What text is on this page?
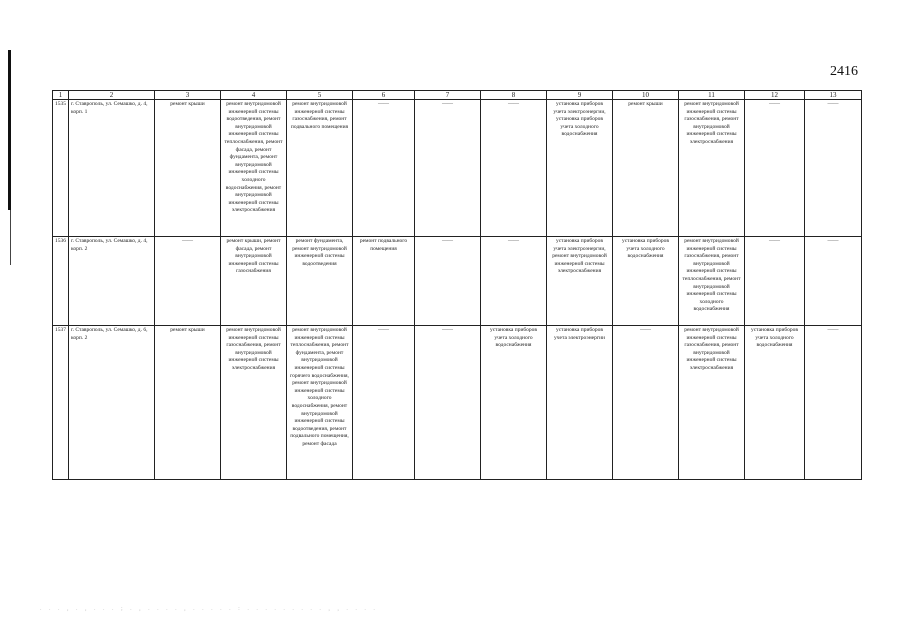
2416
1	2	3	4	5	6	7	8	9	10	11	12	13
1535	г. Ставрополь, ул. Семашко, д. 4, корп. 1	ремонт крыши	ремонт внутридомовой инженерной системы водоотведения, ремонт внутридомовой инженерной системы теплоснабжения, ремонт фасада, ремонт фундамента, ремонт внутридомовой инженерной системы холодного водоснабжения, ремонт внутридомовой инженерной системы электроснабжения	ремонт внутридомовой инженерной системы газоснабжения, ремонт подвального помещения	——	——	——	установка приборов учета электроэнергии, установка приборов учета холодного водоснабжения	ремонт крыши	ремонт внутридомовой инженерной системы газоснабжения, ремонт внутридомовой инженерной системы электроснабжения	——	——
1536	г. Ставрополь, ул. Семашко, д. 4, корп. 2	——	ремонт крыши, ремонт фасада, ремонт внутридомовой инженерной системы газоснабжения	ремонт фундамента, ремонт внутридомовой инженерной системы водоотведения	ремонт подвального помещения	——	——	установка приборов учета электроэнергии, ремонт внутридомовой инженерной системы электроснабжения	установка приборов учета холодного водоснабжения	ремонт внутридомовой инженерной системы газоснабжения, ремонт внутридомовой инженерной системы теплоснабжения, ремонт внутридомовой инженерной системы холодного водоснабжения	——	——
1537	г. Ставрополь, ул. Семашко, д. 6, корп. 2	ремонт крыши	ремонт внутридомовой инженерной системы газоснабжения, ремонт внутридомовой инженерной системы электроснабжения	ремонт внутридомовой инженерной системы теплоснабжения, ремонт фундамента, ремонт внутридомовой инженерной системы горячего водоснабжения, ремонт внутридомовой инженерной системы холодного водоснабжения, ремонт внутридомовой инженерной системы водоотведения, ремонт подвального помещения, ремонт фасада	——	——	установка приборов учета холодного водоснабжения	установка приборов учета электроэнергии	——	ремонт внутридомовой инженерной системы газоснабжения, ремонт внутридомовой инженерной системы электроснабжения	установка приборов учета холодного водоснабжения	——
. . . , . , . . . ; . , . . . . , . . . . . : . . . . . . . . . , , . . . .
